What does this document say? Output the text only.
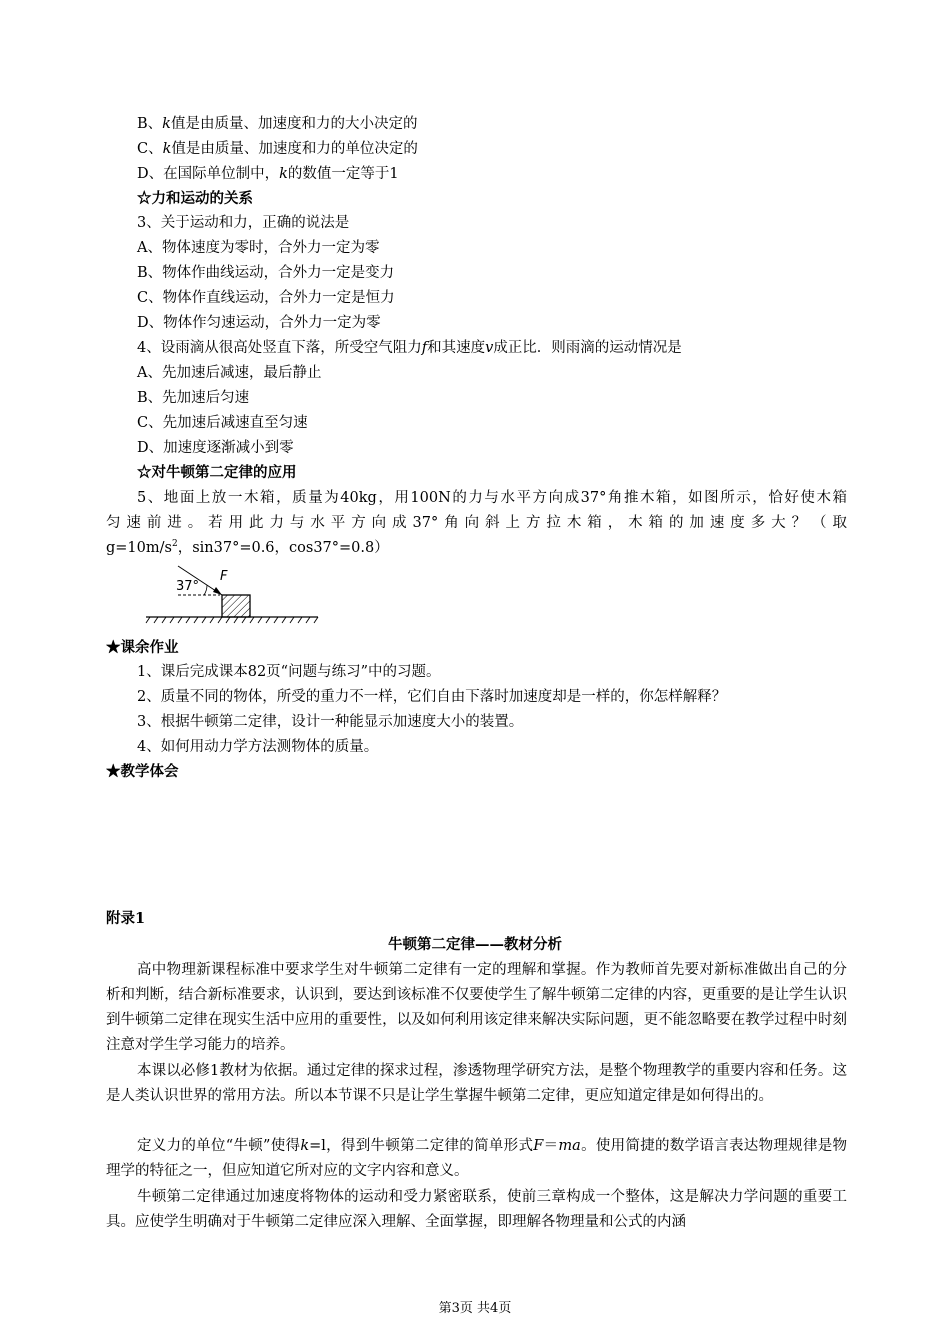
B、k值是由质量、加速度和力的大小决定的
C、k值是由质量、加速度和力的单位决定的
D、在国际单位制中，k的数值一定等于1
☆力和运动的关系
3、关于运动和力，正确的说法是
A、物体速度为零时，合外力一定为零
B、物体作曲线运动，合外力一定是变力
C、物体作直线运动，合外力一定是恒力
D、物体作匀速运动，合外力一定为零
4、设雨滴从很高处竖直下落，所受空气阻力f和其速度v成正比．则雨滴的运动情况是
A、先加速后减速，最后静止
B、先加速后匀速
C、先加速后减速直至匀速
D、加速度逐渐减小到零
☆对牛顿第二定律的应用
5、地面上放一木箱，质量为40kg，用100N的力与水平方向成37°角推木箱，如图所示，恰好使木箱
匀速前进。若用此力与水平方向成37°角向斜上方拉木箱，木箱的加速度多大？（取
$g=10m/s^2$，sin37°=0.6，cos37°=0.8）
37°
F
★课余作业
1、课后完成课本82页“问题与练习”中的习题。
2、质量不同的物体，所受的重力不一样，它们自由下落时加速度却是一样的，你怎样解释？
3、根据牛顿第二定律，设计一种能显示加速度大小的装置。
4、如何用动力学方法测物体的质量。
★教学体会
附录1
牛顿第二定律——教材分析
高中物理新课程标准中要求学生对牛顿第二定律有一定的理解和掌握。作为教师首先要对新标准做出自己的分析和判断，结合新标准要求，认识到，要达到该标准不仅要使学生了解牛顿第二定律的内容，更重要的是让学生认识到牛顿第二定律在现实生活中应用的重要性，以及如何利用该定律来解决实际问题，更不能忽略要在教学过程中时刻注意对学生学习能力的培养。
本课以必修1教材为依据。通过定律的探求过程，渗透物理学研究方法，是整个物理教学的重要内容和任务。这是人类认识世界的常用方法。所以本节课不只是让学生掌握牛顿第二定律，更应知道定律是如何得出的。
定义力的单位“牛顿”使得k=l，得到牛顿第二定律的简单形式F＝ma。使用简捷的数学语言表达物理规律是物理学的特征之一，但应知道它所对应的文字内容和意义。
牛顿第二定律通过加速度将物体的运动和受力紧密联系，使前三章构成一个整体，这是解决力学问题的重要工具。应使学生明确对于牛顿第二定律应深入理解、全面掌握，即理解各物理量和公式的内涵
第3页 共4页
